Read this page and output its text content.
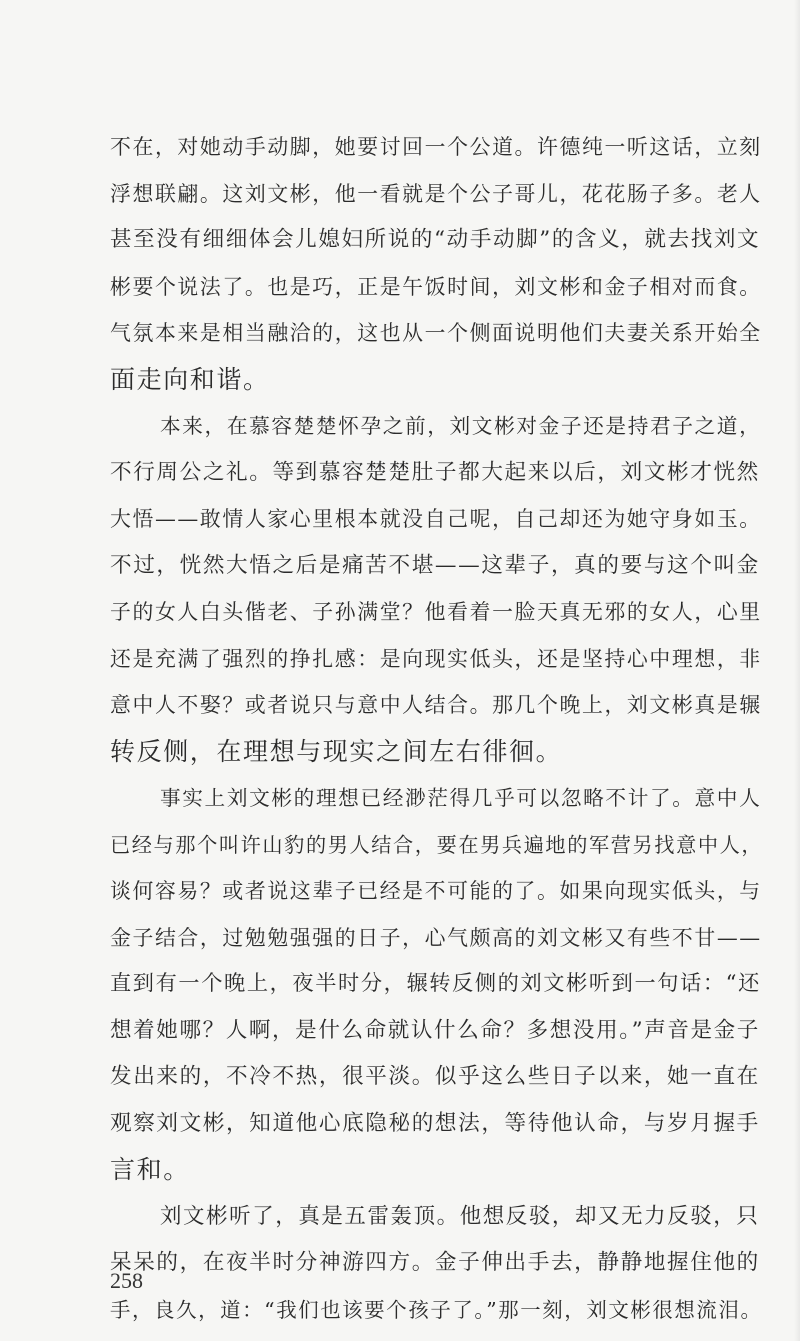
不在，对她动手动脚，她要讨回一个公道。许德纯一听这话，立刻
浮想联翩。这刘文彬，他一看就是个公子哥儿，花花肠子多。老人
甚至没有细细体会儿媳妇所说的“动手动脚”的含义，就去找刘文
彬要个说法了。也是巧，正是午饭时间，刘文彬和金子相对而食。
气氛本来是相当融洽的，这也从一个侧面说明他们夫妻关系开始全
面走向和谐。
本来，在慕容楚楚怀孕之前，刘文彬对金子还是持君子之道，
不行周公之礼。等到慕容楚楚肚子都大起来以后，刘文彬才恍然
大悟——敢情人家心里根本就没自己呢，自己却还为她守身如玉。
不过，恍然大悟之后是痛苦不堪——这辈子，真的要与这个叫金
子的女人白头偕老、子孙满堂？他看着一脸天真无邪的女人，心里
还是充满了强烈的挣扎感：是向现实低头，还是坚持心中理想，非
意中人不娶？或者说只与意中人结合。那几个晚上，刘文彬真是辗
转反侧，在理想与现实之间左右徘徊。
事实上刘文彬的理想已经渺茫得几乎可以忽略不计了。意中人
已经与那个叫许山豹的男人结合，要在男兵遍地的军营另找意中人，
谈何容易？或者说这辈子已经是不可能的了。如果向现实低头，与
金子结合，过勉勉强强的日子，心气颇高的刘文彬又有些不甘——
直到有一个晚上，夜半时分，辗转反侧的刘文彬听到一句话：“还
想着她哪？人啊，是什么命就认什么命？多想没用。”声音是金子
发出来的，不冷不热，很平淡。似乎这么些日子以来，她一直在
观察刘文彬，知道他心底隐秘的想法，等待他认命，与岁月握手
言和。
刘文彬听了，真是五雷轰顶。他想反驳，却又无力反驳，只
呆呆的，在夜半时分神游四方。金子伸出手去，静静地握住他的
手，良久，道：“我们也该要个孩子了。”那一刻，刘文彬很想流泪。
258
